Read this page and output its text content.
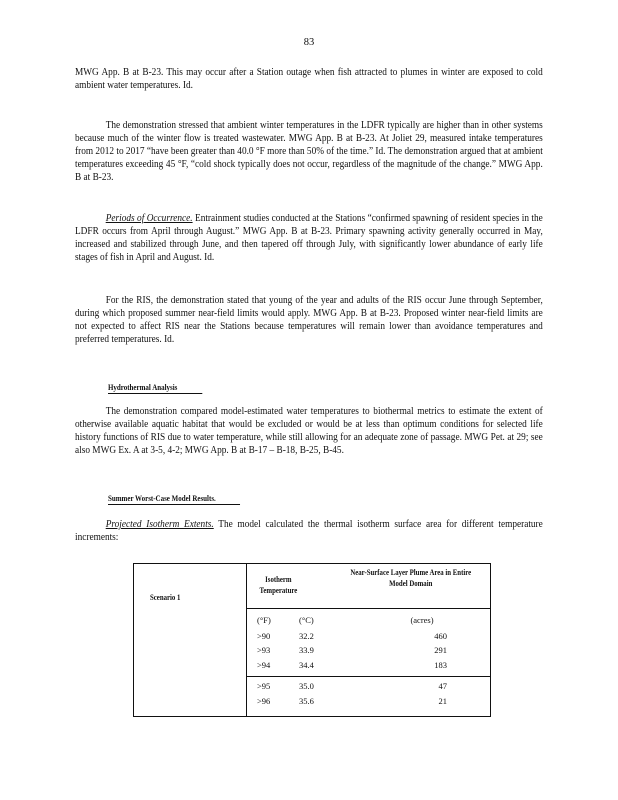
83

MWG App. B at B-23. This may occur after a Station outage when fish attracted to plumes in winter are exposed to cold ambient water temperatures. Id.

The demonstration stressed that ambient winter temperatures in the LDFR typically are higher than in other systems because much of the winter flow is treated wastewater. MWG App. B at B-23. At Joliet 29, measured intake temperatures from 2012 to 2017 “have been greater than 40.0 °F more than 50% of the time.” Id. The demonstration argued that at ambient temperatures exceeding 45 °F, “cold shock typically does not occur, regardless of the magnitude of the change.” MWG App. B at B-23.

Periods of Occurrence. Entrainment studies conducted at the Stations “confirmed spawning of resident species in the LDFR occurs from April through August.” MWG App. B at B-23. Primary spawning activity generally occurred in May, increased and stabilized through June, and then tapered off through July, with significantly lower abundance of early life stages of fish in April and August. Id.

For the RIS, the demonstration stated that young of the year and adults of the RIS occur June through September, during which proposed summer near-field limits would apply. MWG App. B at B-23. Proposed winter near-field limits are not expected to affect RIS near the Stations because temperatures will remain lower than avoidance temperatures and preferred temperatures. Id.

Hydrothermal Analysis

The demonstration compared model-estimated water temperatures to biothermal metrics to estimate the extent of otherwise available aquatic habitat that would be excluded or would be at less than optimum conditions for selected life history functions of RIS due to water temperature, while still allowing for an adequate zone of passage. MWG Pet. at 29; see also MWG Ex. A at 3-5, 4-2; MWG App. B at B-17 – B-18, B-25, B-45.

Summer Worst-Case Model Results.

Projected Isotherm Extents. The model calculated the thermal isotherm surface area for different temperature increments:

Scenario 1
Isotherm Temperature
Near-Surface Layer Plume Area in Entire Model Domain
(°F)	(°C)	(acres)
>90	32.2	460
>93	33.9	291
>94	34.4	183
>95	35.0	47
>96	35.6	21
